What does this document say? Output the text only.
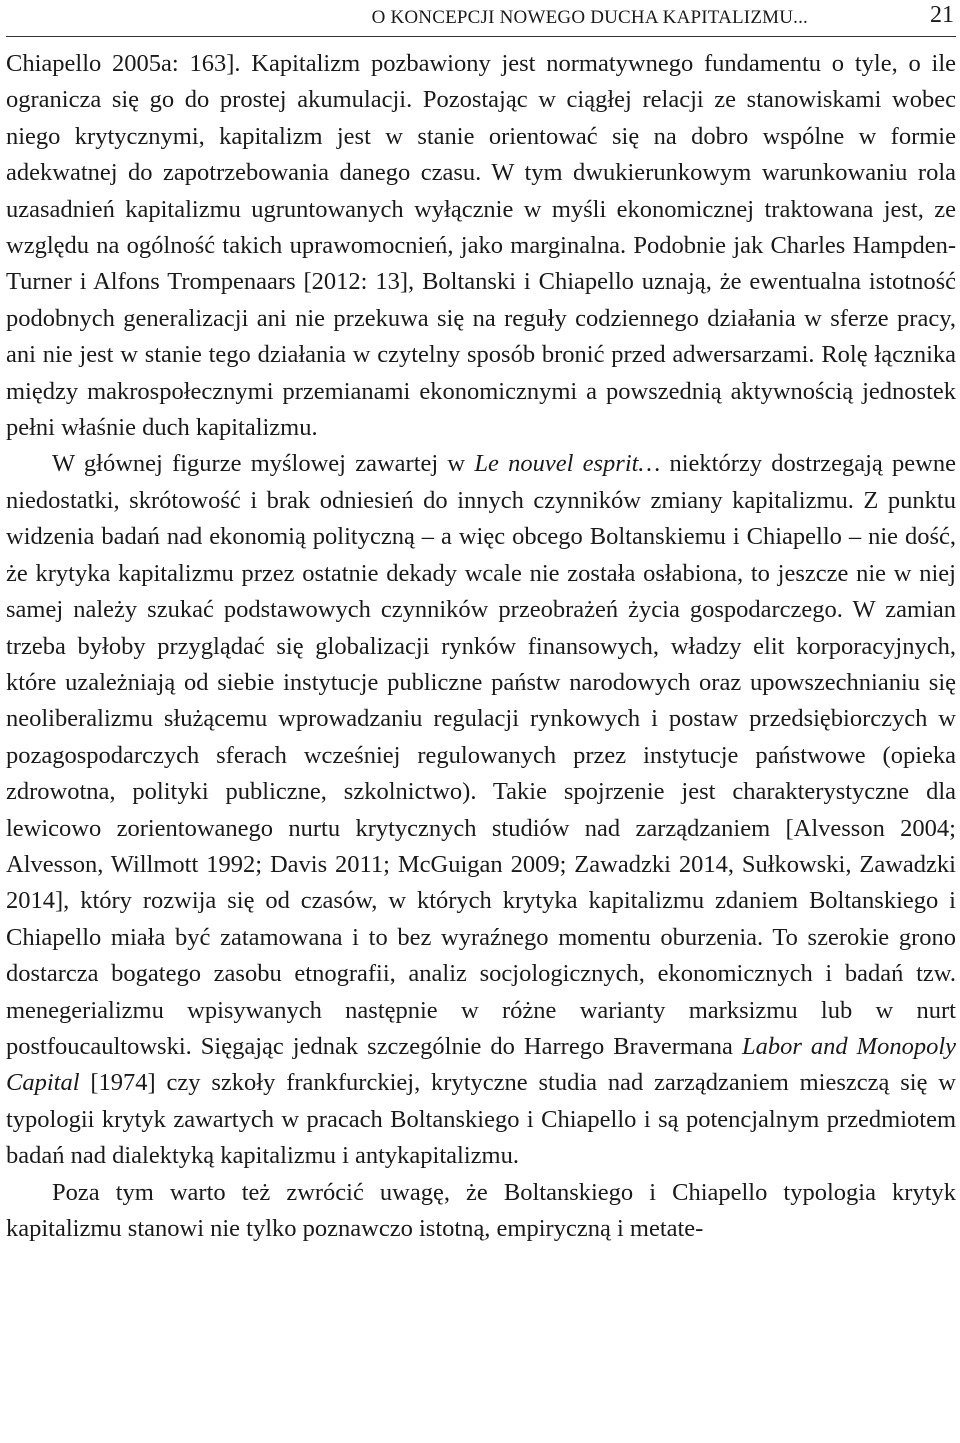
O KONCEPCJI NOWEGO DUCHA KAPITALIZMU...	21

Chiapello 2005a: 163]. Kapitalizm pozbawiony jest normatywnego fundamentu o tyle, o ile ogranicza się go do prostej akumulacji. Pozostając w ciągłej relacji ze stanowiskami wobec niego krytycznymi, kapitalizm jest w stanie orientować się na dobro wspólne w formie adekwatnej do zapotrzebowania danego czasu. W tym dwukierunkowym warunkowaniu rola uzasadnień kapitalizmu ugruntowanych wyłącznie w myśli ekonomicznej traktowana jest, ze względu na ogólność takich uprawomocnień, jako marginalna. Podobnie jak Charles Hampden-Turner i Alfons Trompenaars [2012: 13], Boltanski i Chiapello uznają, że ewentualna istotność podobnych generalizacji ani nie przekuwa się na reguły codziennego działania w sferze pracy, ani nie jest w stanie tego działania w czytelny sposób bronić przed adwersarzami. Rolę łącznika między makrospołecznymi przemianami ekonomicznymi a powszednią aktywnością jednostek pełni właśnie duch kapitalizmu.

W głównej figurze myślowej zawartej w Le nouvel esprit… niektórzy dostrzegają pewne niedostatki, skrótowość i brak odniesień do innych czynników zmiany kapitalizmu. Z punktu widzenia badań nad ekonomią polityczną – a więc obcego Boltanskiemu i Chiapello – nie dość, że krytyka kapitalizmu przez ostatnie dekady wcale nie została osłabiona, to jeszcze nie w niej samej należy szukać podstawowych czynników przeobrażeń życia gospodarczego. W zamian trzeba byłoby przyglądać się globalizacji rynków finansowych, władzy elit korporacyjnych, które uzależniają od siebie instytucje publiczne państw narodowych oraz upowszechnianiu się neoliberalizmu służącemu wprowadzaniu regulacji rynkowych i postaw przedsiębiorczych w pozagospodarczych sferach wcześniej regulowanych przez instytucje państwowe (opieka zdrowotna, polityki publiczne, szkolnictwo). Takie spojrzenie jest charakterystyczne dla lewicowo zorientowanego nurtu krytycznych studiów nad zarządzaniem [Alvesson 2004; Alvesson, Willmott 1992; Davis 2011; McGuigan 2009; Zawadzki 2014, Sułkowski, Zawadzki 2014], który rozwija się od czasów, w których krytyka kapitalizmu zdaniem Boltanskiego i Chiapello miała być zatamowana i to bez wyraźnego momentu oburzenia. To szerokie grono dostarcza bogatego zasobu etnografii, analiz socjologicznych, ekonomicznych i badań tzw. menegerializmu wpisywanych następnie w różne warianty marksizmu lub w nurt postfoucaultowski. Sięgając jednak szczególnie do Harrego Bravermana Labor and Monopoly Capital [1974] czy szkoły frankfurckiej, krytyczne studia nad zarządzaniem mieszczą się w typologii krytyk zawartych w pracach Boltanskiego i Chiapello i są potencjalnym przedmiotem badań nad dialektyką kapitalizmu i antykapitalizmu.

Poza tym warto też zwrócić uwagę, że Boltanskiego i Chiapello typologia krytyk kapitalizmu stanowi nie tylko poznawczo istotną, empiryczną i metate-
